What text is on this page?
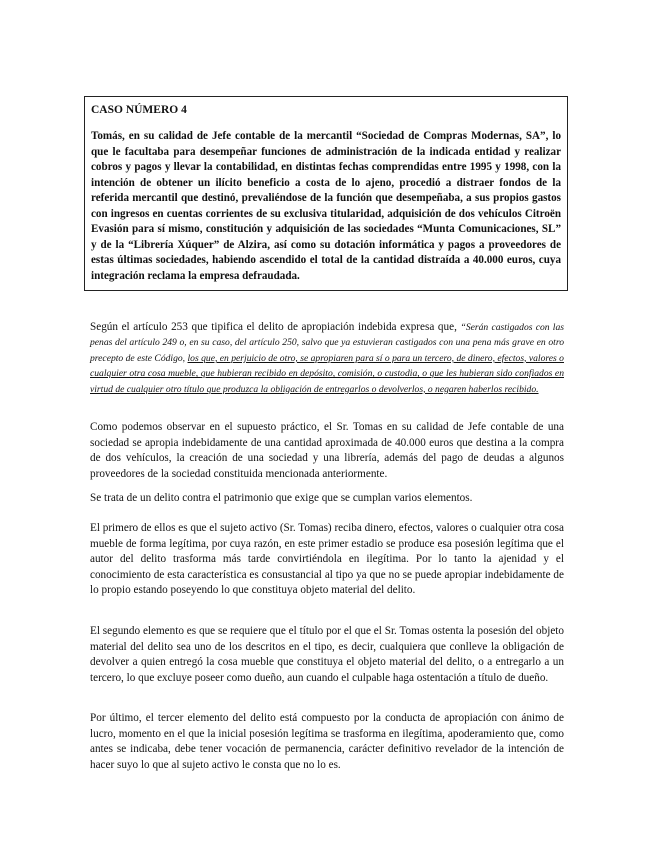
CASO NÚMERO 4

Tomás, en su calidad de Jefe contable de la mercantil “Sociedad de Compras Modernas, SA”, lo que le facultaba para desempeñar funciones de administración de la indicada entidad y realizar cobros y pagos y llevar la contabilidad, en distintas fechas comprendidas entre 1995 y 1998, con la intención de obtener un ilícito beneficio a costa de lo ajeno, procedió a distraer fondos de la referida mercantil que destinó, prevaliéndose de la función que desempeñaba, a sus propios gastos con ingresos en cuentas corrientes de su exclusiva titularidad, adquisición de dos vehículos Citroën Evasión para sí mismo, constitución y adquisición de las sociedades “Munta Comunicaciones, SL” y de la “Librería Xúquer” de Alzira, así como su dotación informática y pagos a proveedores de estas últimas sociedades, habiendo ascendido el total de la cantidad distraída a 40.000 euros, cuya integración reclama la empresa defraudada.

Según el artículo 253 que tipifica el delito de apropiación indebida expresa que, “Serán castigados con las penas del artículo 249 o, en su caso, del artículo 250, salvo que ya estuvieran castigados con una pena más grave en otro precepto de este Código, los que, en perjuicio de otro, se apropiaren para sí o para un tercero, de dinero, efectos, valores o cualquier otra cosa mueble, que hubieran recibido en depósito, comisión, o custodia, o que les hubieran sido confiados en virtud de cualquier otro título que produzca la obligación de entregarlos o devolverlos, o negaren haberlos recibido.

Como podemos observar en el supuesto práctico, el Sr. Tomas en su calidad de Jefe contable de una sociedad se apropia indebidamente de una cantidad aproximada de 40.000 euros que destina a la compra de dos vehículos, la creación de una sociedad y una librería, además del pago de deudas a algunos proveedores de la sociedad constituida mencionada anteriormente.

Se trata de un delito contra el patrimonio que exige que se cumplan varios elementos.

El primero de ellos es que el sujeto activo (Sr. Tomas) reciba dinero, efectos, valores o cualquier otra cosa mueble de forma legítima, por cuya razón, en este primer estadio se produce esa posesión legítima que el autor del delito trasforma más tarde convirtiéndola en ilegítima. Por lo tanto la ajenidad y el conocimiento de esta característica es consustancial al tipo ya que no se puede apropiar indebidamente de lo propio estando poseyendo lo que constituya objeto material del delito.

El segundo elemento es que se requiere que el título por el que el Sr. Tomas ostenta la posesión del objeto material del delito sea uno de los descritos en el tipo, es decir, cualquiera que conlleve la obligación de devolver a quien entregó la cosa mueble que constituya el objeto material del delito, o a entregarlo a un tercero, lo que excluye poseer como dueño, aun cuando el culpable haga ostentación a título de dueño.

Por último, el tercer elemento del delito está compuesto por la conducta de apropiación con ánimo de lucro, momento en el que la inicial posesión legítima se trasforma en ilegítima, apoderamiento que, como antes se indicaba, debe tener vocación de permanencia, carácter definitivo revelador de la intención de hacer suyo lo que al sujeto activo le consta que no lo es.
